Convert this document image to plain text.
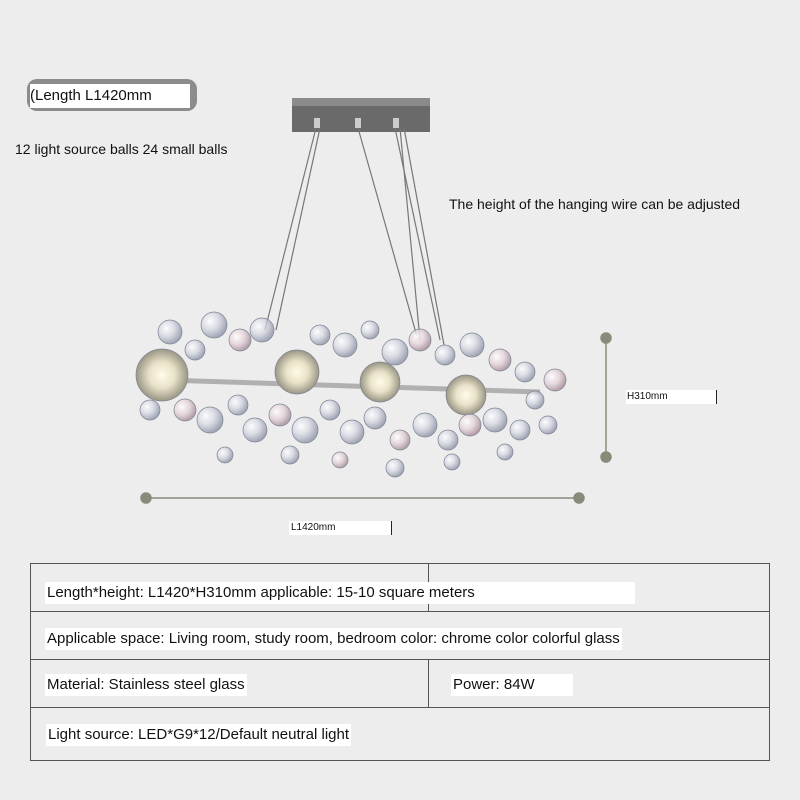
(Length L1420mm
12 light source balls 24 small balls
The height of the hanging wire can be adjusted
H310mm
L1420mm
Length*height: L1420*H310mm applicable: 15-10 square meters
Applicable space: Living room, study room, bedroom color: chrome color colorful glass
Material: Stainless steel glass	Power: 84W
Light source: LED*G9*12/Default neutral light
